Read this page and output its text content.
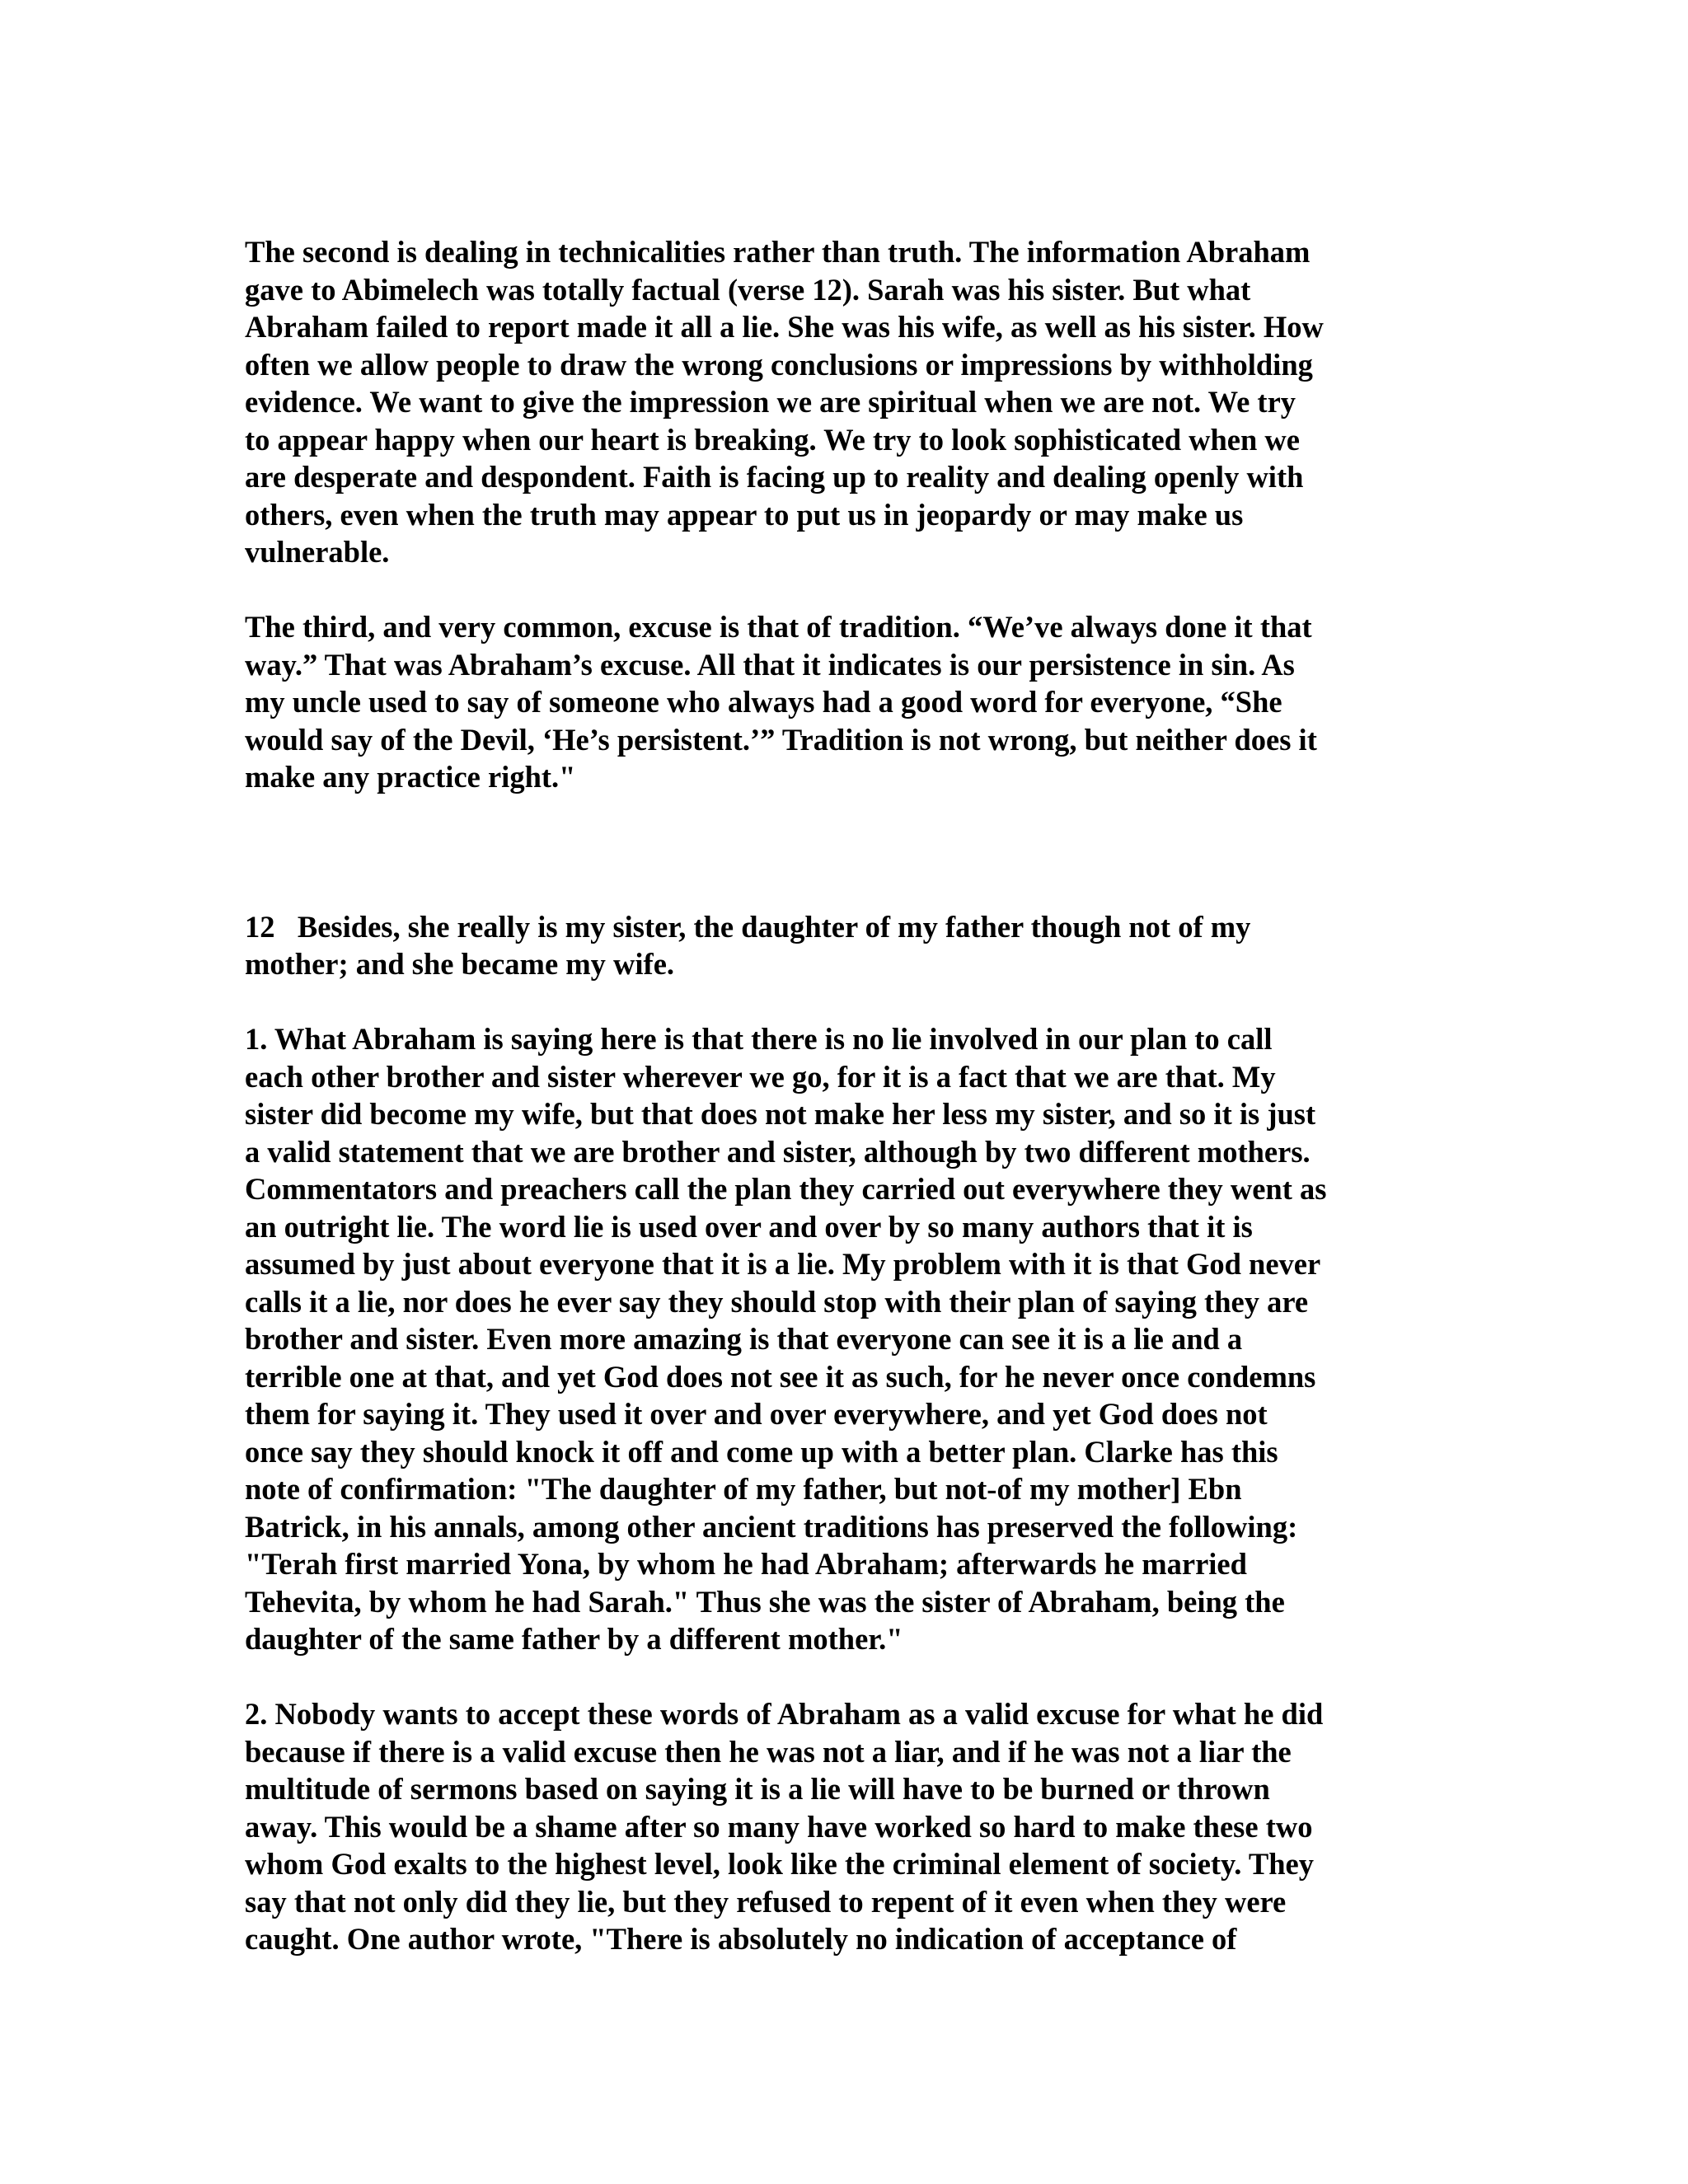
The second is dealing in technicalities rather than truth. The information Abraham
gave to Abimelech was totally factual (verse 12). Sarah was his sister. But what
Abraham failed to report made it all a lie. She was his wife, as well as his sister. How
often we allow people to draw the wrong conclusions or impressions by withholding
evidence. We want to give the impression we are spiritual when we are not. We try
to appear happy when our heart is breaking. We try to look sophisticated when we
are desperate and despondent. Faith is facing up to reality and dealing openly with
others, even when the truth may appear to put us in jeopardy or may make us
vulnerable.
The third, and very common, excuse is that of tradition. “We’ve always done it that
way.” That was Abraham’s excuse. All that it indicates is our persistence in sin. As
my uncle used to say of someone who always had a good word for everyone, “She
would say of the Devil, ‘He’s persistent.’” Tradition is not wrong, but neither does it
make any practice right."
12   Besides, she really is my sister, the daughter of my father though not of my
mother; and she became my wife.
1. What Abraham is saying here is that there is no lie involved in our plan to call
each other brother and sister wherever we go, for it is a fact that we are that. My
sister did become my wife, but that does not make her less my sister, and so it is just
a valid statement that we are brother and sister, although by two different mothers.
Commentators and preachers call the plan they carried out everywhere they went as
an outright lie. The word lie is used over and over by so many authors that it is
assumed by just about everyone that it is a lie. My problem with it is that God never
calls it a lie, nor does he ever say they should stop with their plan of saying they are
brother and sister. Even more amazing is that everyone can see it is a lie and a
terrible one at that, and yet God does not see it as such, for he never once condemns
them for saying it. They used it over and over everywhere, and yet God does not
once say they should knock it off and come up with a better plan. Clarke has this
note of confirmation: "The daughter of my father, but not-of my mother] Ebn
Batrick, in his annals, among other ancient traditions has preserved the following:
"Terah first married Yona, by whom he had Abraham; afterwards he married
Tehevita, by whom he had Sarah." Thus she was the sister of Abraham, being the
daughter of the same father by a different mother."
2. Nobody wants to accept these words of Abraham as a valid excuse for what he did
because if there is a valid excuse then he was not a liar, and if he was not a liar the
multitude of sermons based on saying it is a lie will have to be burned or thrown
away. This would be a shame after so many have worked so hard to make these two
whom God exalts to the highest level, look like the criminal element of society. They
say that not only did they lie, but they refused to repent of it even when they were
caught. One author wrote, "There is absolutely no indication of acceptance of
